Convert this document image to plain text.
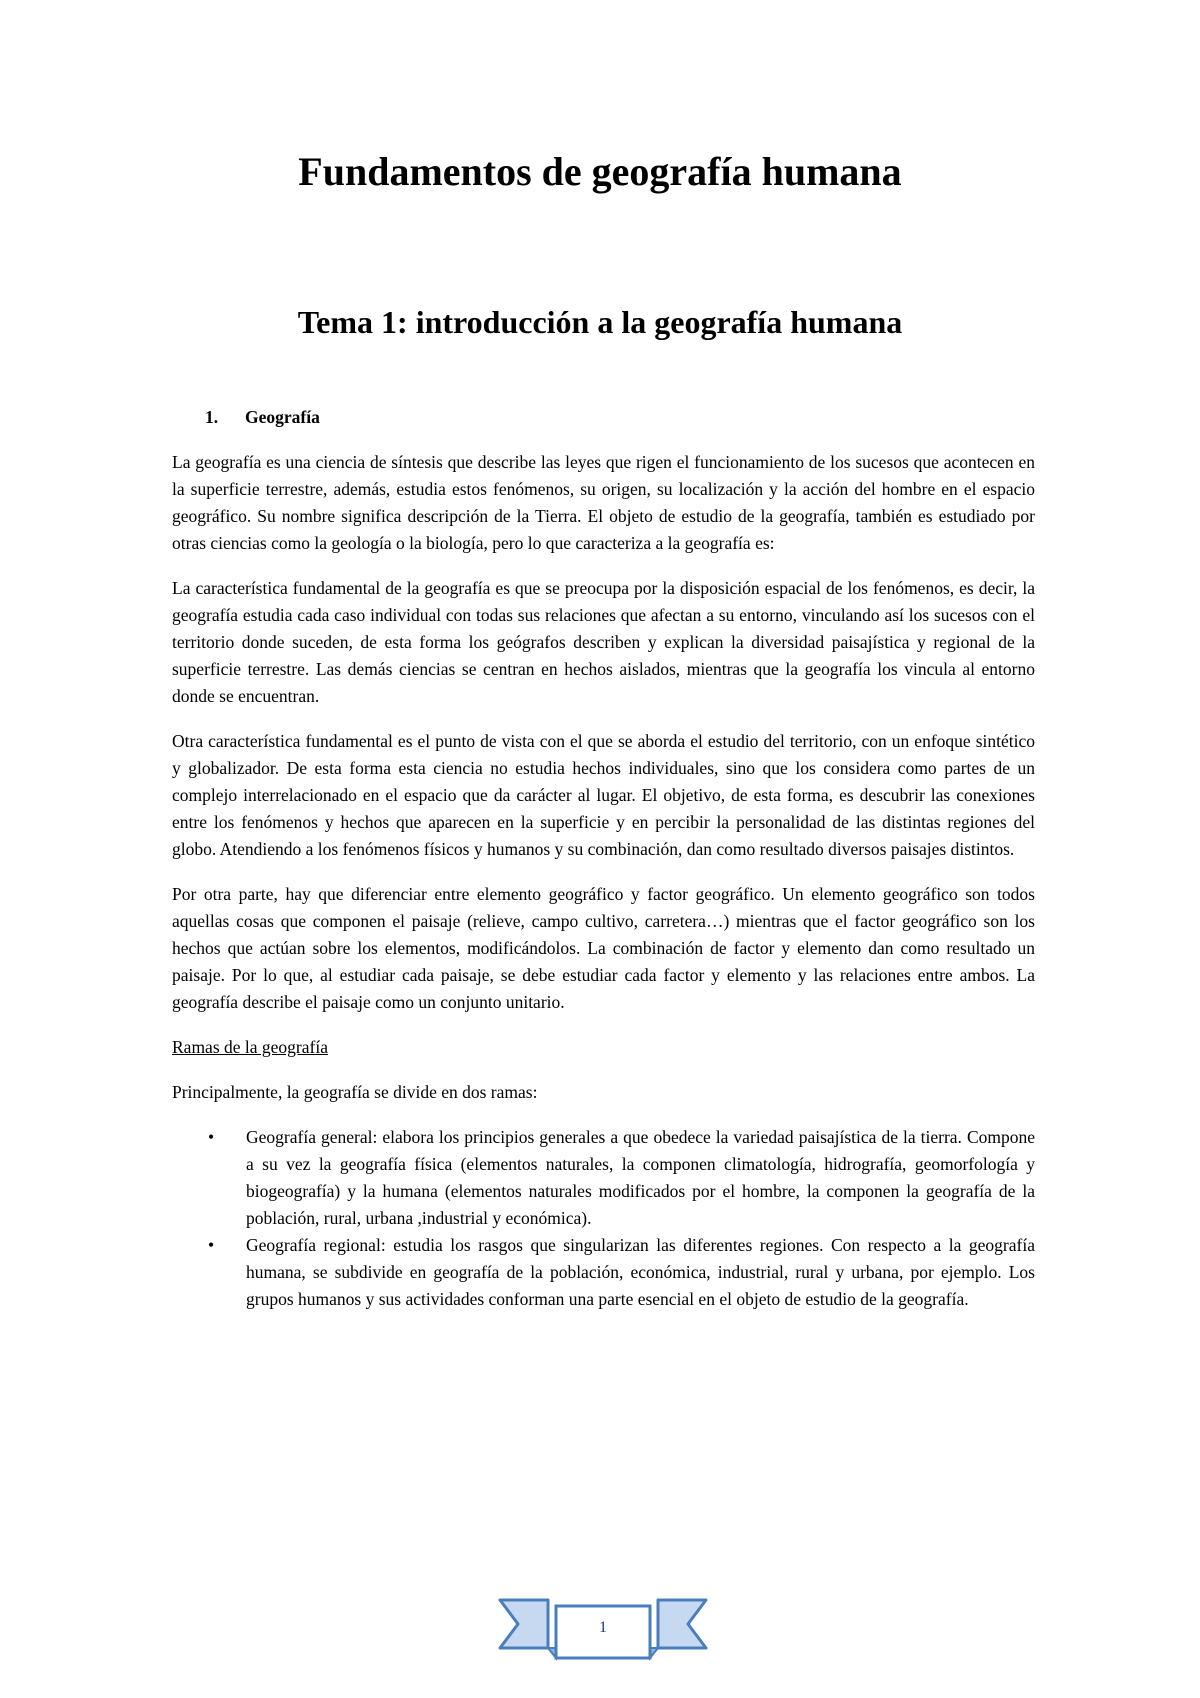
Fundamentos de geografía humana
Tema 1: introducción a la geografía humana
1. Geografía

La geografía es una ciencia de síntesis que describe las leyes que rigen el funcionamiento de los sucesos que acontecen en la superficie terrestre, además, estudia estos fenómenos, su origen, su localización y la acción del hombre en el espacio geográfico. Su nombre significa descripción de la Tierra. El objeto de estudio de la geografía, también es estudiado por otras ciencias como la geología o la biología, pero lo que caracteriza a la geografía es:

La característica fundamental de la geografía es que se preocupa por la disposición espacial de los fenómenos, es decir, la geografía estudia cada caso individual con todas sus relaciones que afectan a su entorno, vinculando así los sucesos con el territorio donde suceden, de esta forma los geógrafos describen y explican la diversidad paisajística y regional de la superficie terrestre. Las demás ciencias se centran en hechos aislados, mientras que la geografía los vincula al entorno donde se encuentran.

Otra característica fundamental es el punto de vista con el que se aborda el estudio del territorio, con un enfoque sintético y globalizador. De esta forma esta ciencia no estudia hechos individuales, sino que los considera como partes de un complejo interrelacionado en el espacio que da carácter al lugar. El objetivo, de esta forma, es descubrir las conexiones entre los fenómenos y hechos que aparecen en la superficie y en percibir la personalidad de las distintas regiones del globo. Atendiendo a los fenómenos físicos y humanos y su combinación, dan como resultado diversos paisajes distintos.

Por otra parte, hay que diferenciar entre elemento geográfico y factor geográfico. Un elemento geográfico son todos aquellas cosas que componen el paisaje (relieve, campo cultivo, carretera…) mientras que el factor geográfico son los hechos que actúan sobre los elementos, modificándolos. La combinación de factor y elemento dan como resultado un paisaje. Por lo que, al estudiar cada paisaje, se debe estudiar cada factor y elemento y las relaciones entre ambos. La geografía describe el paisaje como un conjunto unitario.

Ramas de la geografía

Principalmente, la geografía se divide en dos ramas:

• Geografía general: elabora los principios generales a que obedece la variedad paisajística de la tierra. Compone a su vez la geografía física (elementos naturales, la componen climatología, hidrografía, geomorfología y biogeografía) y la humana (elementos naturales modificados por el hombre, la componen la geografía de la población, rural, urbana ,industrial y económica).
• Geografía regional: estudia los rasgos que singularizan las diferentes regiones. Con respecto a la geografía humana, se subdivide en geografía de la población, económica, industrial, rural y urbana, por ejemplo. Los grupos humanos y sus actividades conforman una parte esencial en el objeto de estudio de la geografía.
1
